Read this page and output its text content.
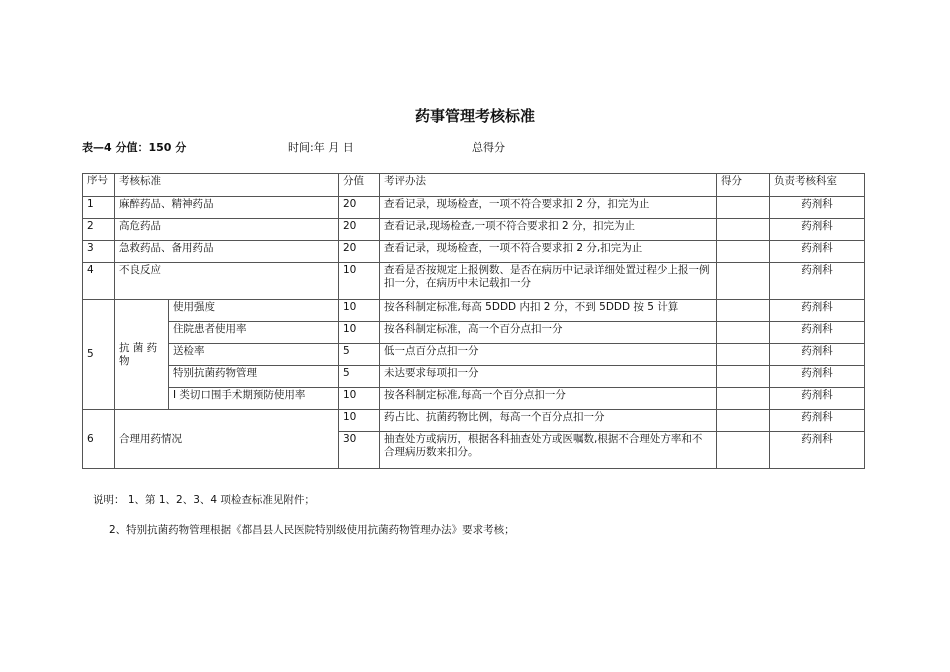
药事管理考核标准
表—4 分值：150 分	时间:年 月 日	总得分
序号	考核标准		分值	考评办法	得分	负责考核科室
1	麻醉药品、精神药品		20	查看记录，现场检查，一项不符合要求扣 2 分，扣完为止		药剂科
2	高危药品		20	查看记录,现场检查,一项不符合要求扣 2 分，扣完为止		药剂科
3	急救药品、备用药品		20	查看记录，现场检查，一项不符合要求扣 2 分,扣完为止		药剂科
4	不良反应		10	查看是否按规定上报例数、是否在病历中记录详细处置过程少上报一例扣一分，在病历中未记载扣一分		药剂科
5	抗 菌 药 物	使用强度	10	按各科制定标准,每高 5DDD 内扣 2 分，不到 5DDD 按 5 计算		药剂科
		住院患者使用率	10	按各科制定标准，高一个百分点扣一分		药剂科
		送检率	5	低一点百分点扣一分		药剂科
		特别抗菌药物管理	5	未达要求每项扣一分		药剂科
		I 类切口围手术期预防使用率	10	按各科制定标准,每高一个百分点扣一分		药剂科
6	合理用药情况		10	药占比、抗菌药物比例，每高一个百分点扣一分		药剂科
			30	抽查处方或病历，根据各科抽查处方或医嘱数,根据不合理处方率和不合理病历数来扣分。		药剂科
说明： 1、第 1、2、3、4 项检查标准见附件；
2、特别抗菌药物管理根据《都昌县人民医院特别级使用抗菌药物管理办法》要求考核；
